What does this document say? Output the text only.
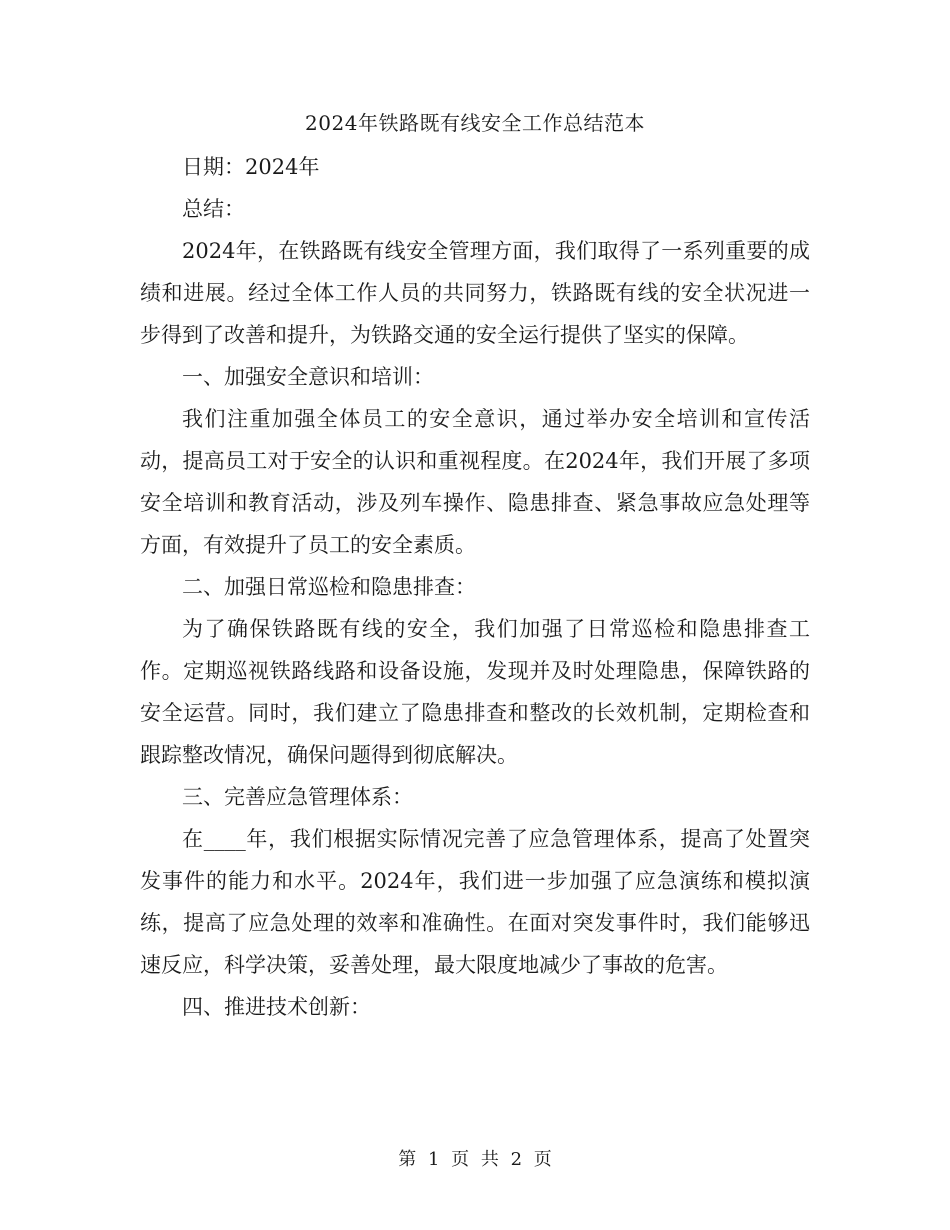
2024年铁路既有线安全工作总结范本

日期：2024年

总结：

2024年，在铁路既有线安全管理方面，我们取得了一系列重要的成绩和进展。经过全体工作人员的共同努力，铁路既有线的安全状况进一步得到了改善和提升，为铁路交通的安全运行提供了坚实的保障。

一、加强安全意识和培训：

我们注重加强全体员工的安全意识，通过举办安全培训和宣传活动，提高员工对于安全的认识和重视程度。在2024年，我们开展了多项安全培训和教育活动，涉及列车操作、隐患排查、紧急事故应急处理等方面，有效提升了员工的安全素质。

二、加强日常巡检和隐患排查：

为了确保铁路既有线的安全，我们加强了日常巡检和隐患排查工作。定期巡视铁路线路和设备设施，发现并及时处理隐患，保障铁路的安全运营。同时，我们建立了隐患排查和整改的长效机制，定期检查和跟踪整改情况，确保问题得到彻底解决。

三、完善应急管理体系：

在____年，我们根据实际情况完善了应急管理体系，提高了处置突发事件的能力和水平。2024年，我们进一步加强了应急演练和模拟演练，提高了应急处理的效率和准确性。在面对突发事件时，我们能够迅速反应，科学决策，妥善处理，最大限度地减少了事故的危害。

四、推进技术创新：

第 1 页 共 2 页
